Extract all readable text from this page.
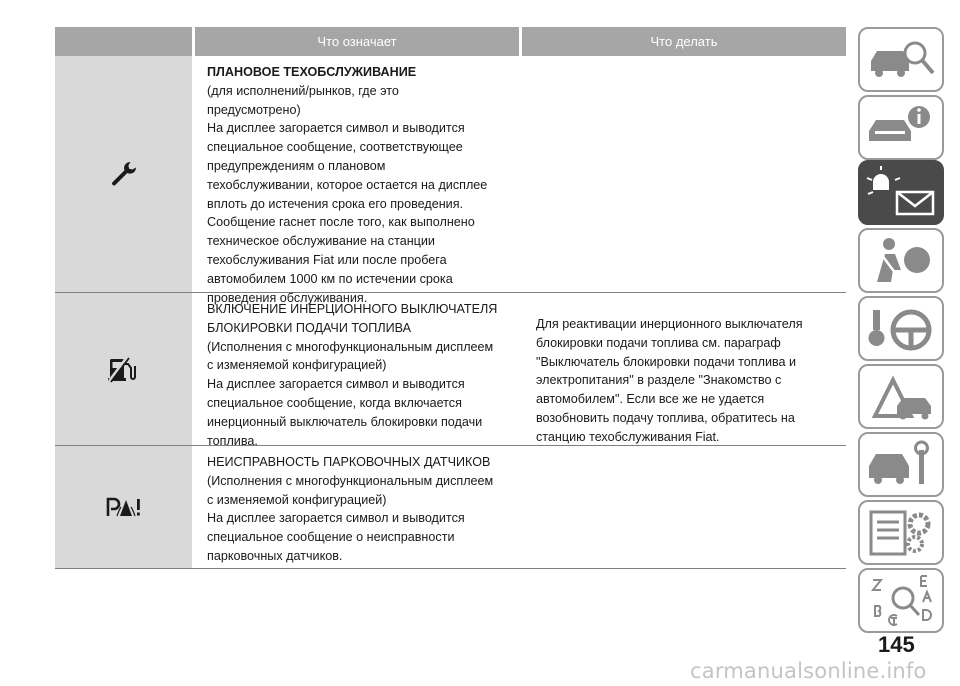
Что означает	Что делать
ПЛАНОВОЕ ТЕХОБСЛУЖИВАНИЕ
(для исполнений/рынков, где это
предусмотрено)
На дисплее загорается символ и выводится
специальное сообщение, соответствующее
предупреждениям о плановом
техобслуживании, которое остается на дисплее
вплоть до истечения срока его проведения.
Сообщение гаснет после того, как выполнено
техническое обслуживание на станции
техобслуживания Fiat или после пробега
автомобилем 1000 км по истечении срока
проведения обслуживания.
ВКЛЮЧЕНИЕ ИНЕРЦИОННОГО ВЫКЛЮЧАТЕЛЯ
БЛОКИРОВКИ ПОДАЧИ ТОПЛИВА
(Исполнения с многофункциональным дисплеем
с изменяемой конфигурацией)
На дисплее загорается символ и выводится
специальное сообщение, когда включается
инерционный выключатель блокировки подачи
топлива.
Для реактивации инерционного выключателя
блокировки подачи топлива см. параграф
"Выключатель блокировки подачи топлива и
электропитания" в разделе "Знакомство с
автомобилем". Если все же не удается
возобновить подачу топлива, обратитесь на
станцию техобслуживания Fiat.
НЕИСПРАВНОСТЬ ПАРКОВОЧНЫХ ДАТЧИКОВ
(Исполнения с многофункциональным дисплеем
с изменяемой конфигурацией)
На дисплее загорается символ и выводится
специальное сообщение о неисправности
парковочных датчиков.
145
carmanualsonline.info
